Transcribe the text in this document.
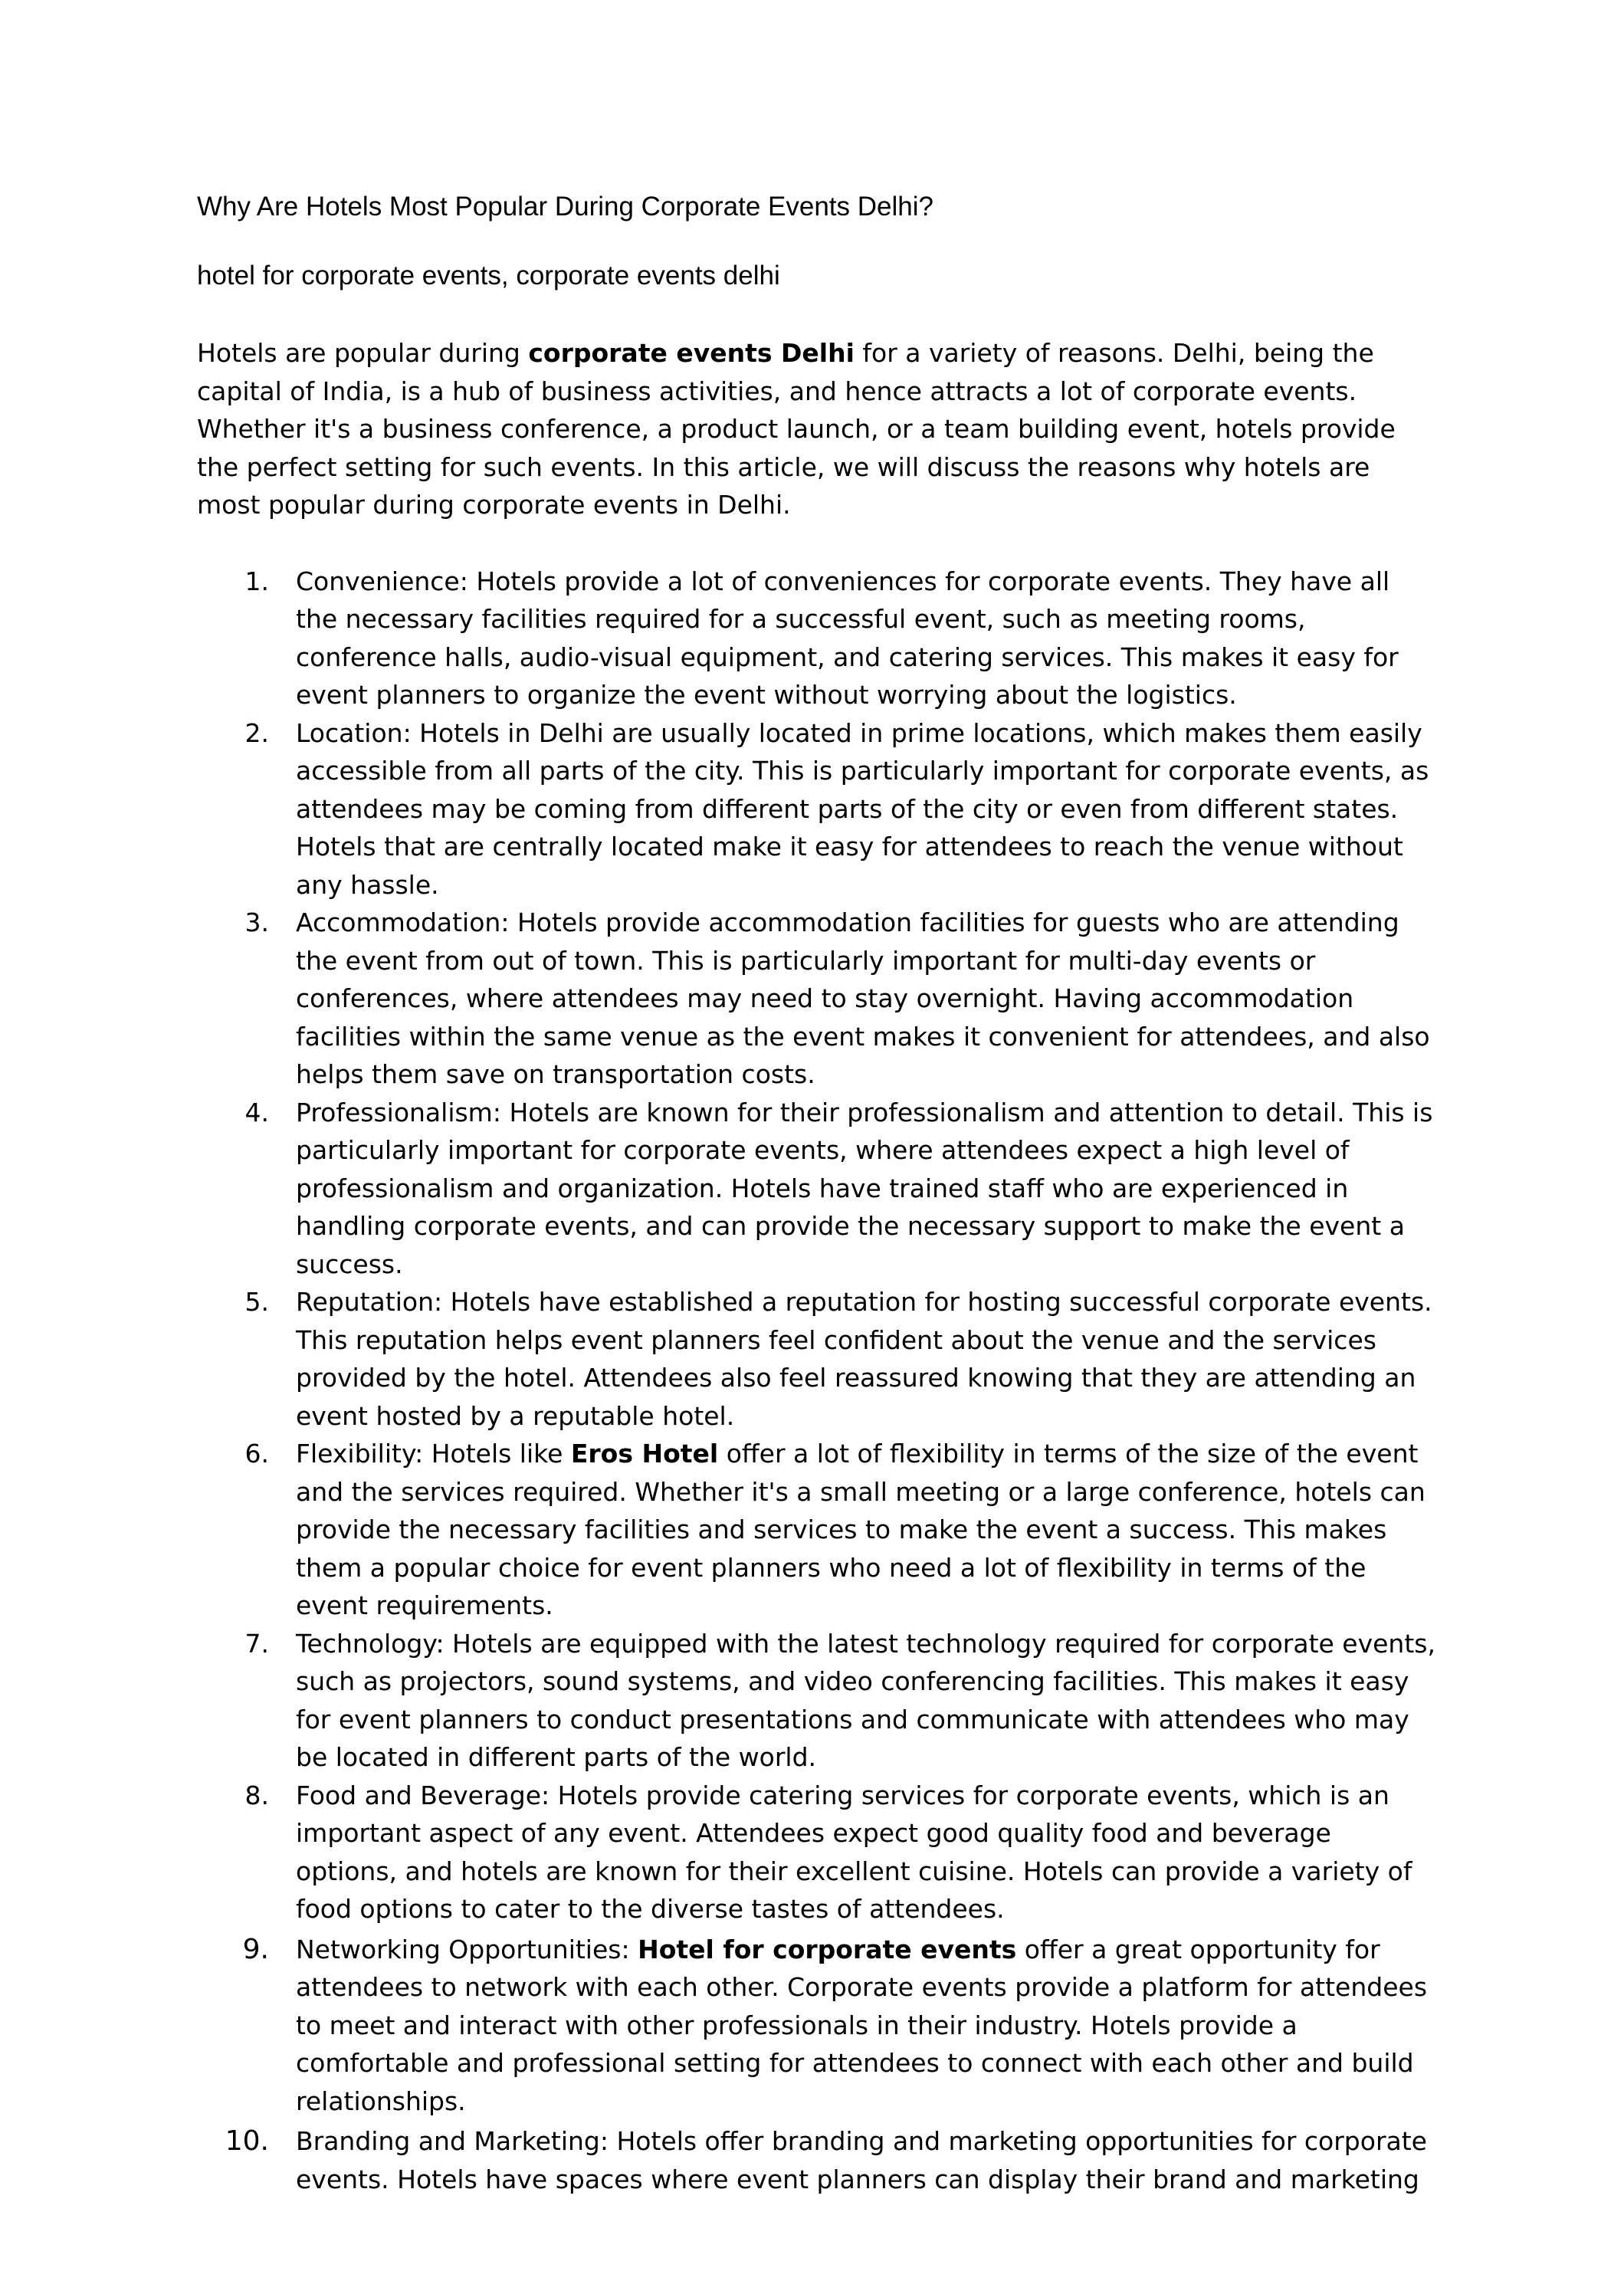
Why Are Hotels Most Popular During Corporate Events Delhi?

hotel for corporate events, corporate events delhi

Hotels are popular during corporate events Delhi for a variety of reasons. Delhi, being the capital of India, is a hub of business activities, and hence attracts a lot of corporate events. Whether it's a business conference, a product launch, or a team building event, hotels provide the perfect setting for such events. In this article, we will discuss the reasons why hotels are most popular during corporate events in Delhi.

1. Convenience: Hotels provide a lot of conveniences for corporate events. They have all the necessary facilities required for a successful event, such as meeting rooms, conference halls, audio-visual equipment, and catering services. This makes it easy for event planners to organize the event without worrying about the logistics.
2. Location: Hotels in Delhi are usually located in prime locations, which makes them easily accessible from all parts of the city. This is particularly important for corporate events, as attendees may be coming from different parts of the city or even from different states. Hotels that are centrally located make it easy for attendees to reach the venue without any hassle.
3. Accommodation: Hotels provide accommodation facilities for guests who are attending the event from out of town. This is particularly important for multi-day events or conferences, where attendees may need to stay overnight. Having accommodation facilities within the same venue as the event makes it convenient for attendees, and also helps them save on transportation costs.
4. Professionalism: Hotels are known for their professionalism and attention to detail. This is particularly important for corporate events, where attendees expect a high level of professionalism and organization. Hotels have trained staff who are experienced in handling corporate events, and can provide the necessary support to make the event a success.
5. Reputation: Hotels have established a reputation for hosting successful corporate events. This reputation helps event planners feel confident about the venue and the services provided by the hotel. Attendees also feel reassured knowing that they are attending an event hosted by a reputable hotel.
6. Flexibility: Hotels like Eros Hotel offer a lot of flexibility in terms of the size of the event and the services required. Whether it's a small meeting or a large conference, hotels can provide the necessary facilities and services to make the event a success. This makes them a popular choice for event planners who need a lot of flexibility in terms of the event requirements.
7. Technology: Hotels are equipped with the latest technology required for corporate events, such as projectors, sound systems, and video conferencing facilities. This makes it easy for event planners to conduct presentations and communicate with attendees who may be located in different parts of the world.
8. Food and Beverage: Hotels provide catering services for corporate events, which is an important aspect of any event. Attendees expect good quality food and beverage options, and hotels are known for their excellent cuisine. Hotels can provide a variety of food options to cater to the diverse tastes of attendees.
9. Networking Opportunities: Hotel for corporate events offer a great opportunity for attendees to network with each other. Corporate events provide a platform for attendees to meet and interact with other professionals in their industry. Hotels provide a comfortable and professional setting for attendees to connect with each other and build relationships.
10. Branding and Marketing: Hotels offer branding and marketing opportunities for corporate events. Hotels have spaces where event planners can display their brand and marketing
